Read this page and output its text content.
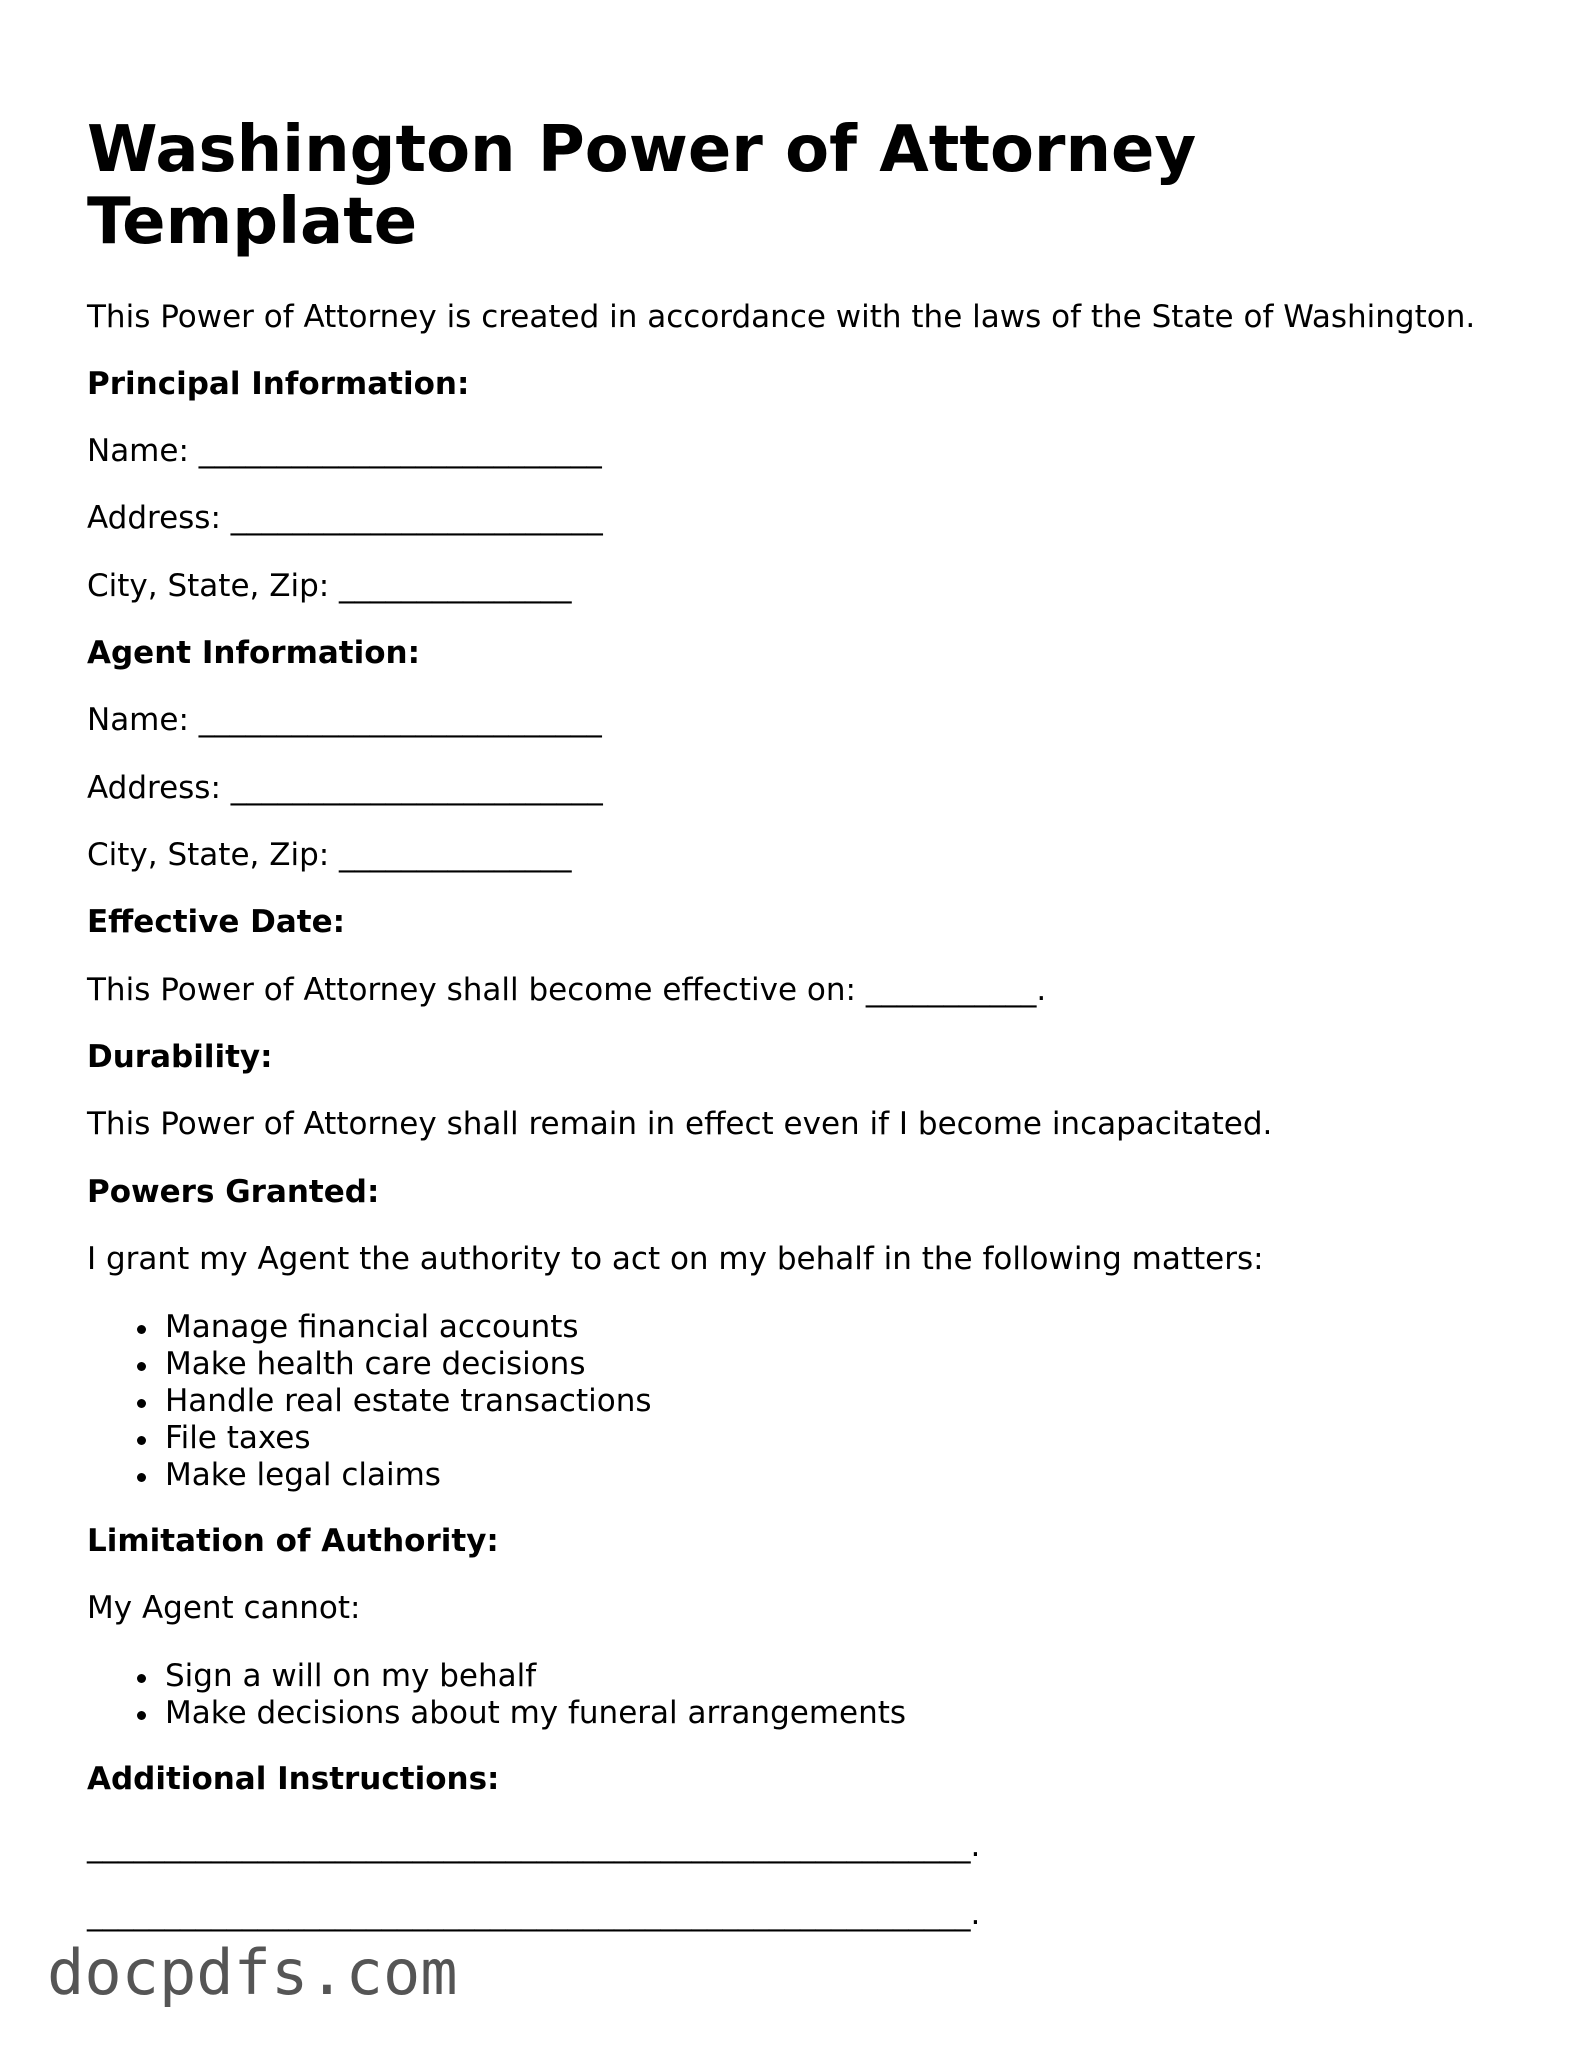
Washington Power of Attorney Template
This Power of Attorney is created in accordance with the laws of the State of Washington.
Principal Information:
Name: __________________________
Address: ________________________
City, State, Zip: _______________
Agent Information:
Name: __________________________
Address: ________________________
City, State, Zip: _______________
Effective Date:
This Power of Attorney shall become effective on: ___________.
Durability:
This Power of Attorney shall remain in effect even if I become incapacitated.
Powers Granted:
I grant my Agent the authority to act on my behalf in the following matters:
Manage financial accounts
Make health care decisions
Handle real estate transactions
File taxes
Make legal claims
Limitation of Authority:
My Agent cannot:
Sign a will on my behalf
Make decisions about my funeral arrangements
Additional Instructions:
_________________________________________________________.
_________________________________________________________.
docpdfs.com
